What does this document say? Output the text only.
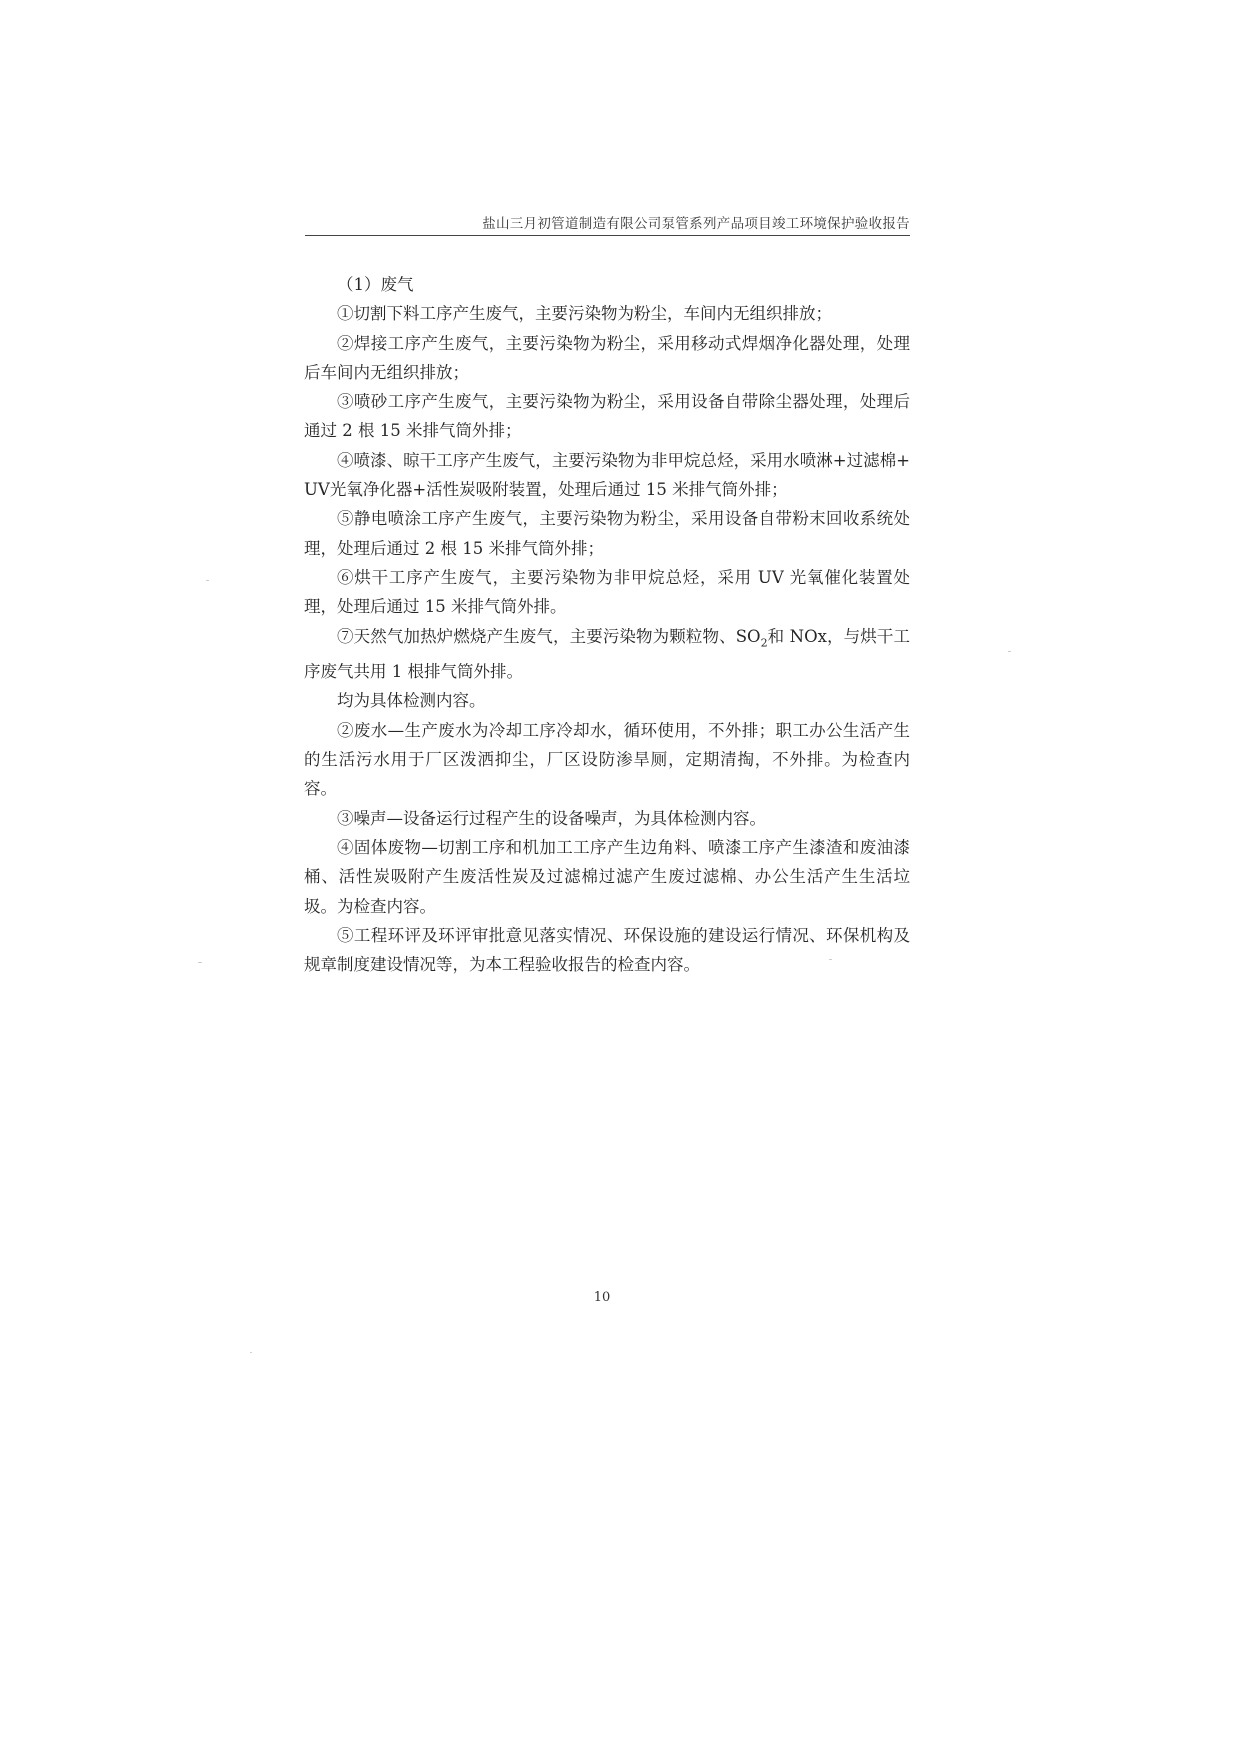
盐山三月初管道制造有限公司泵管系列产品项目竣工环境保护验收报告

（1）废气

①切割下料工序产生废气，主要污染物为粉尘，车间内无组织排放；

②焊接工序产生废气，主要污染物为粉尘，采用移动式焊烟净化器处理，处理后车间内无组织排放；

③喷砂工序产生废气，主要污染物为粉尘，采用设备自带除尘器处理，处理后通过 2 根 15 米排气筒外排；

④喷漆、晾干工序产生废气，主要污染物为非甲烷总烃，采用水喷淋+过滤棉+UV光氧净化器+活性炭吸附装置，处理后通过 15 米排气筒外排；

⑤静电喷涂工序产生废气，主要污染物为粉尘，采用设备自带粉末回收系统处理，处理后通过 2 根 15 米排气筒外排；

⑥烘干工序产生废气，主要污染物为非甲烷总烃，采用 UV 光氧催化装置处理，处理后通过 15 米排气筒外排。

⑦天然气加热炉燃烧产生废气，主要污染物为颗粒物、$SO_2$和 NOx，与烘干工序废气共用 1 根排气筒外排。

均为具体检测内容。

②废水—生产废水为冷却工序冷却水，循环使用，不外排；职工办公生活产生的生活污水用于厂区泼洒抑尘，厂区设防渗旱厕，定期清掏，不外排。为检查内容。

③噪声—设备运行过程产生的设备噪声，为具体检测内容。

④固体废物—切割工序和机加工工序产生边角料、喷漆工序产生漆渣和废油漆桶、活性炭吸附产生废活性炭及过滤棉过滤产生废过滤棉、办公生活产生生活垃圾。为检查内容。

⑤工程环评及环评审批意见落实情况、环保设施的建设运行情况、环保机构及规章制度建设情况等，为本工程验收报告的检查内容。

10
